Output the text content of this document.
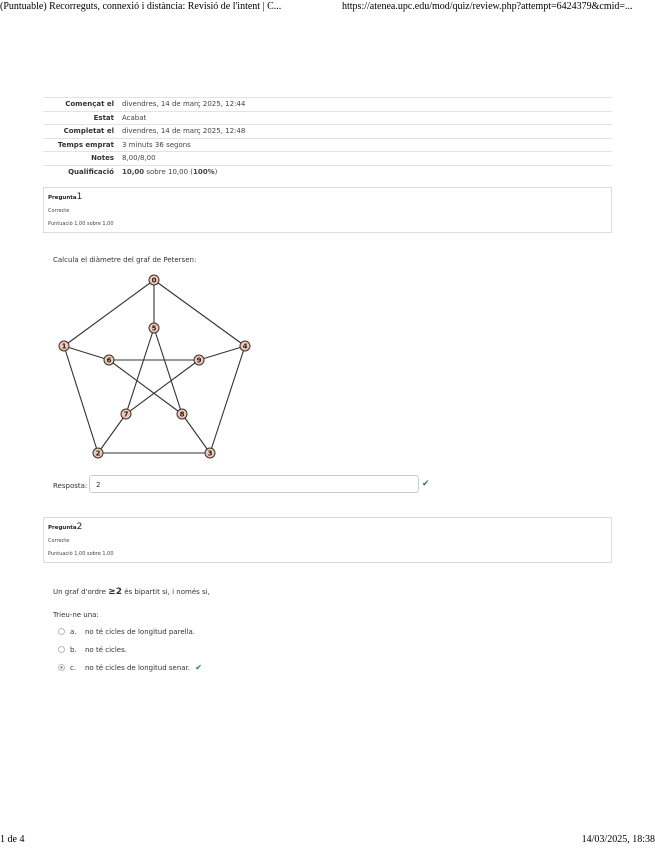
(Puntuable) Recorreguts, connexió i distància: Revisió de l'intent | C...	https://atenea.upc.edu/mod/quiz/review.php?attempt=6424379&cmid=...
Començat el	divendres, 14 de març 2025, 12:44
Estat	Acabat
Completat el	divendres, 14 de març 2025, 12:48
Temps emprat	3 minuts 36 segons
Notes	8,00/8,00
Qualificació	10,00 sobre 10,00 (100%)
Pregunta1
Correcte
Puntuació 1,00 sobre 1,00
Calcula el diàmetre del graf de Petersen:
0
1
2	3
4
5
6
7	8
9
Resposta:	2	✔
Pregunta2
Correcte
Puntuació 1,00 sobre 1,00
Un graf d'ordre ≥2 és bipartit si, i només si,
Trieu-ne una:
a. no té cicles de longitud parella.
b. no té cicles.
c. no té cicles de longitud senar. ✔
1 de 4	14/03/2025, 18:38
